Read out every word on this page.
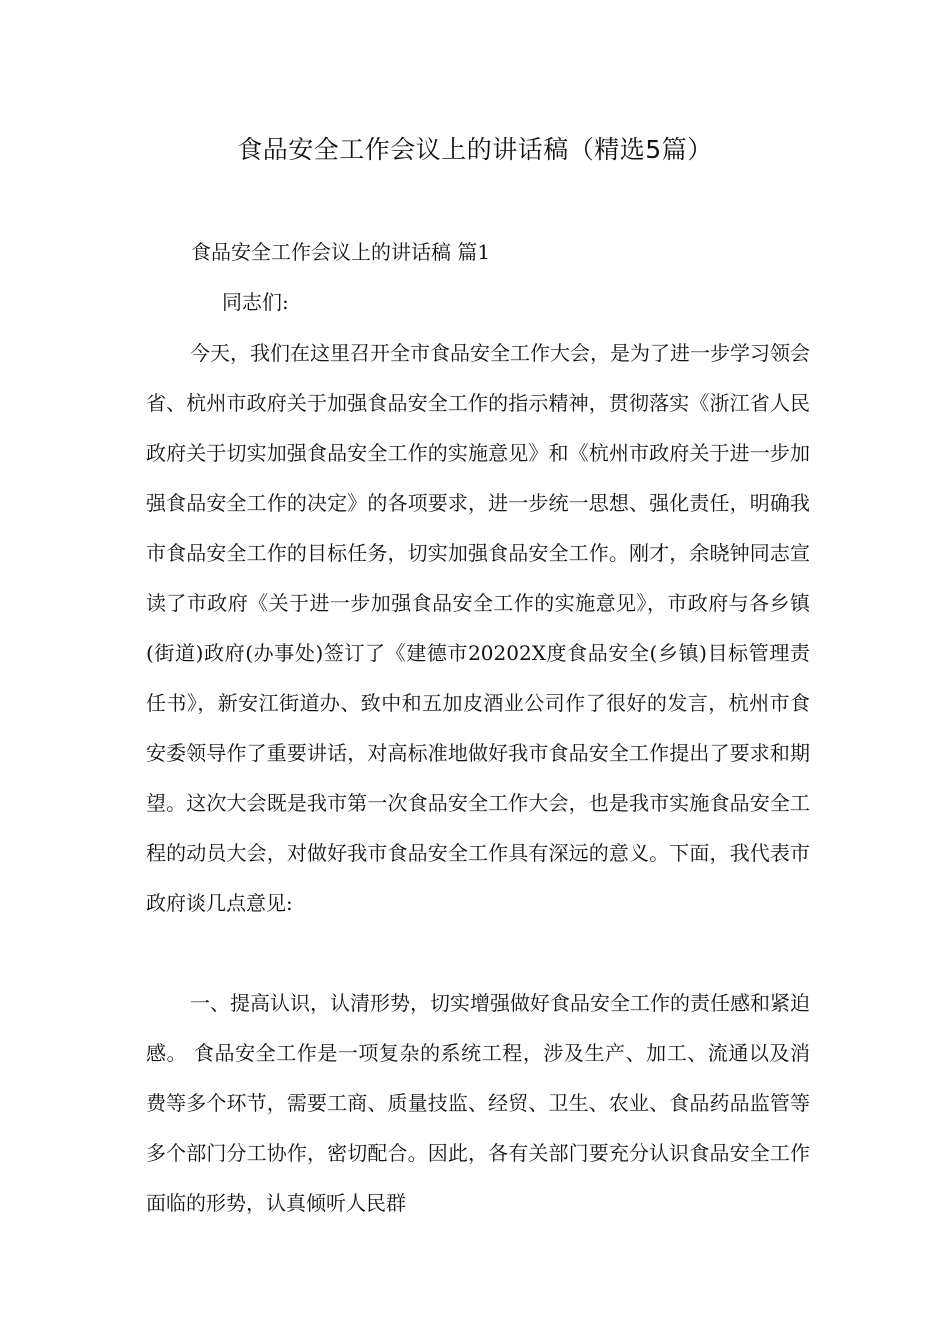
食品安全工作会议上的讲话稿（精选5篇）

食品安全工作会议上的讲话稿 篇1

同志们:

今天，我们在这里召开全市食品安全工作大会，是为了进一步学习领会省、杭州市政府关于加强食品安全工作的指示精神，贯彻落实《浙江省人民政府关于切实加强食品安全工作的实施意见》和《杭州市政府关于进一步加强食品安全工作的决定》的各项要求，进一步统一思想、强化责任，明确我市食品安全工作的目标任务，切实加强食品安全工作。刚才，余晓钟同志宣读了市政府《关于进一步加强食品安全工作的实施意见》，市政府与各乡镇(街道)政府(办事处)签订了《建德市20202X度食品安全(乡镇)目标管理责任书》，新安江街道办、致中和五加皮酒业公司作了很好的发言，杭州市食安委领导作了重要讲话，对高标准地做好我市食品安全工作提出了要求和期望。这次大会既是我市第一次食品安全工作大会，也是我市实施食品安全工程的动员大会，对做好我市食品安全工作具有深远的意义。下面，我代表市政府谈几点意见:

一、提高认识，认清形势，切实增强做好食品安全工作的责任感和紧迫感。 食品安全工作是一项复杂的系统工程，涉及生产、加工、流通以及消费等多个环节，需要工商、质量技监、经贸、卫生、农业、食品药品监管等多个部门分工协作，密切配合。因此，各有关部门要充分认识食品安全工作面临的形势，认真倾听人民群
